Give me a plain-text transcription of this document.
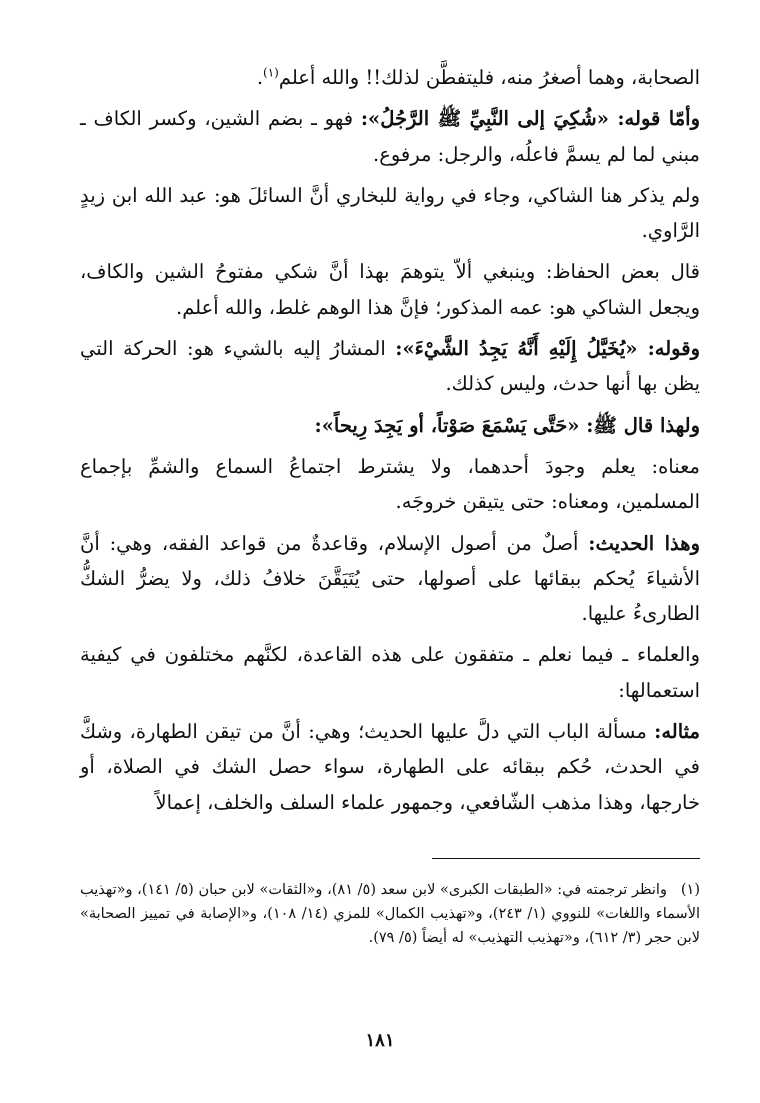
الصحابة، وهما أصغرُ منه، فليتفطَّن لذلك!! والله أعلم$^{(١)}$.

وأمّا قوله: «شُكِيَ إلى النَّبِيِّ ﷺ الرَّجُلُ»: فهو ـ بضم الشين، وكسر الكاف ـ مبني لما لم يسمَّ فاعلُه، والرجل: مرفوع.

ولم يذكر هنا الشاكي، وجاء في رواية للبخاري أنَّ السائلَ هو: عبد الله ابن زيدٍ الرَّاوي.

قال بعض الحفاظ: وينبغي ألاّ يتوهمَ بهذا أنَّ شكي مفتوحُ الشين والكاف، ويجعل الشاكي هو: عمه المذكور؛ فإنَّ هذا الوهم غلط، والله أعلم.

وقوله: «يُخَيَّلُ إِلَيْهِ أَنَّهُ يَجِدُ الشَّيْءَ»: المشارُ إليه بالشيء هو: الحركة التي يظن بها أنها حدث، وليس كذلك.

ولهذا قال ﷺ: «حَتَّى يَسْمَعَ صَوْتاً، أو يَجِدَ رِيحاً»:

معناه: يعلم وجودَ أحدهما، ولا يشترط اجتماعُ السماع والشمِّ بإجماع المسلمين، ومعناه: حتى يتيقن خروجَه.

وهذا الحديث: أصلٌ من أصول الإسلام، وقاعدةٌ من قواعد الفقه، وهي: أنَّ الأشياءَ يُحكم ببقائها على أصولها، حتى يُتَيَقَّنَ خلافُ ذلك، ولا يضرُّ الشكُّ الطارىءُ عليها.

والعلماء ـ فيما نعلم ـ متفقون على هذه القاعدة، لكنَّهم مختلفون في كيفية استعمالها:

مثاله: مسألة الباب التي دلَّ عليها الحديث؛ وهي: أنَّ من تيقن الطهارة، وشكَّ في الحدث، حُكم ببقائه على الطهارة، سواء حصل الشك في الصلاة، أو خارجها، وهذا مذهب الشّافعي، وجمهور علماء السلف والخلف، إعمالاً

(١)   وانظر ترجمته في: «الطبقات الكبرى» لابن سعد (٥/ ٨١)، و«الثقات» لابن حبان (٥/ ١٤١)، و«تهذيب الأسماء واللغات» للنووي (١/ ٢٤٣)، و«تهذيب الكمال» للمزي (١٤/ ١٠٨)، و«الإصابة في تمييز الصحابة» لابن حجر (٣/ ٦١٢)، و«تهذيب التهذيب» له أيضاً (٥/ ٧٩).

١٨١
